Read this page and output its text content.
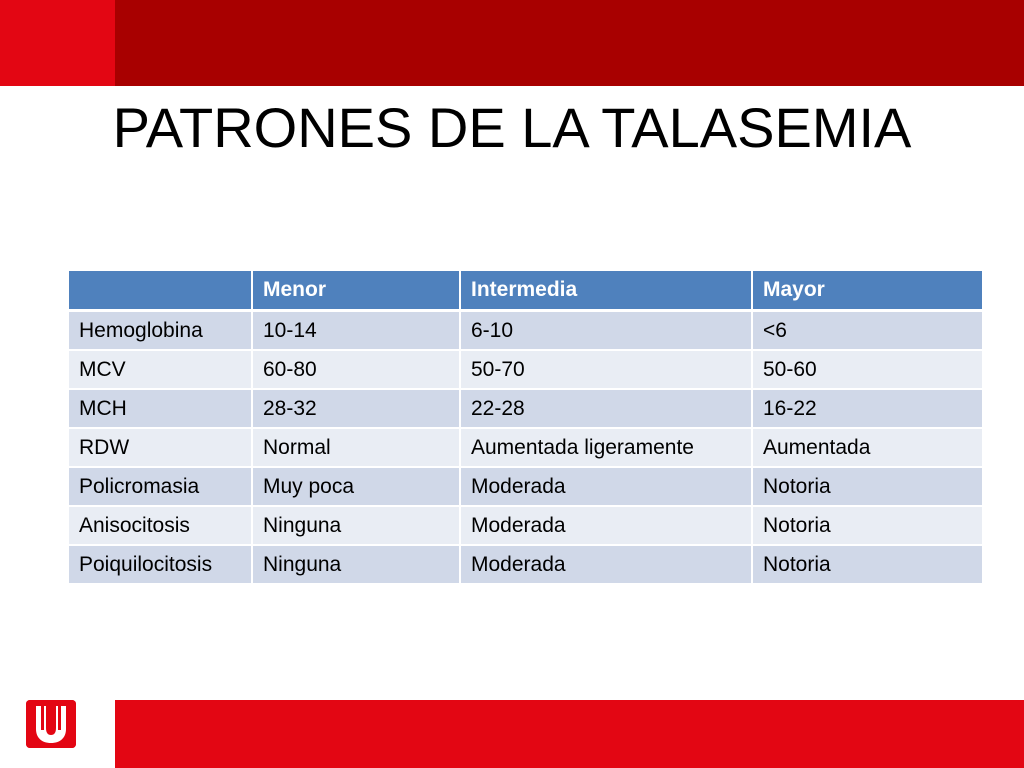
PATRONES DE LA TALASEMIA
	Menor	Intermedia	Mayor
Hemoglobina	10-14	6-10	<6
MCV	60-80	50-70	50-60
MCH	28-32	22-28	16-22
RDW	Normal	Aumentada ligeramente	Aumentada
Policromasia	Muy poca	Moderada	Notoria
Anisocitosis	Ninguna	Moderada	Notoria
Poiquilocitosis	Ninguna	Moderada	Notoria
